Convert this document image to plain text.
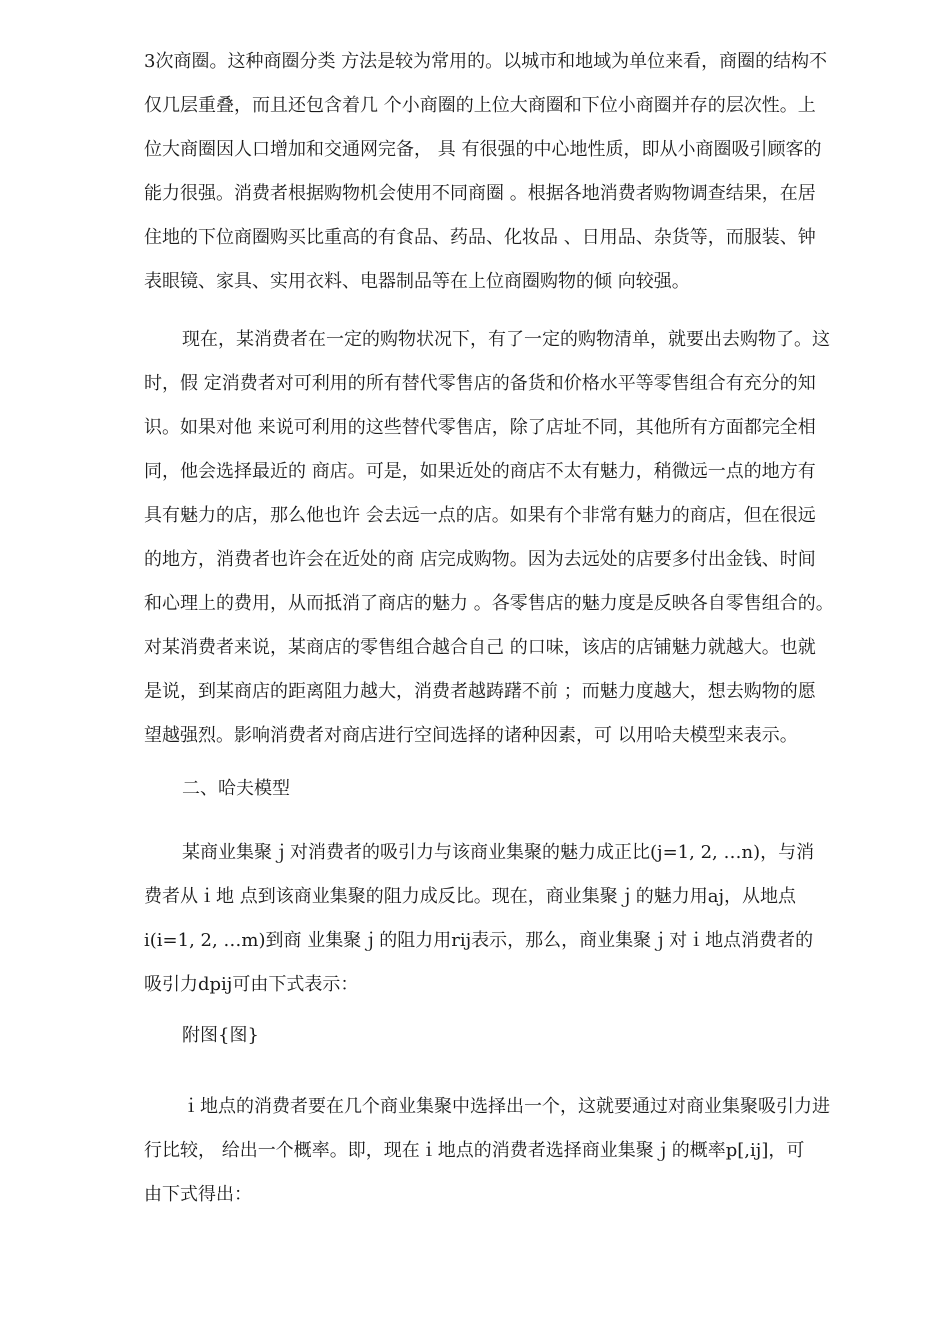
3次商圈。这种商圈分类 方法是较为常用的。以城市和地域为单位来看，商圈的结构不
仅几层重叠，而且还包含着几 个小商圈的上位大商圈和下位小商圈并存的层次性。上
位大商圈因人口增加和交通网完备， 具 有很强的中心地性质，即从小商圈吸引顾客的
能力很强。消费者根据购物机会使用不同商圈 。根据各地消费者购物调查结果，在居
住地的下位商圈购买比重高的有食品、药品、化妆品 、日用品、杂货等，而服装、钟
表眼镜、家具、实用衣料、电器制品等在上位商圈购物的倾 向较强。
现在，某消费者在一定的购物状况下，有了一定的购物清单，就要出去购物了。这
时，假 定消费者对可利用的所有替代零售店的备货和价格水平等零售组合有充分的知
识。如果对他 来说可利用的这些替代零售店，除了店址不同，其他所有方面都完全相
同，他会选择最近的 商店。可是，如果近处的商店不太有魅力，稍微远一点的地方有
具有魅力的店，那么他也许 会去远一点的店。如果有个非常有魅力的商店，但在很远
的地方，消费者也许会在近处的商 店完成购物。因为去远处的店要多付出金钱、时间
和心理上的费用，从而抵消了商店的魅力 。各零售店的魅力度是反映各自零售组合的。
对某消费者来说，某商店的零售组合越合自己 的口味，该店的店铺魅力就越大。也就
是说，到某商店的距离阻力越大，消费者越踌躇不前 ；而魅力度越大，想去购物的愿
望越强烈。影响消费者对商店进行空间选择的诸种因素，可 以用哈夫模型来表示。
二、哈夫模型
某商业集聚ｊ对消费者的吸引力与该商业集聚的魅力成正比(j=1, 2, …n)，与消
费者从ｉ地 点到该商业集聚的阻力成反比。现在，商业集聚ｊ的魅力用aj，从地点
i(i=1, 2, …m)到商 业集聚ｊ的阻力用rij表示，那么，商业集聚ｊ对ｉ地点消费者的
吸引力dpij可由下式表示：
附图{图}
ｉ地点的消费者要在几个商业集聚中选择出一个，这就要通过对商业集聚吸引力进
行比较， 给出一个概率。即，现在ｉ地点的消费者选择商业集聚ｊ的概率p[,ij]，可
由下式得出：
